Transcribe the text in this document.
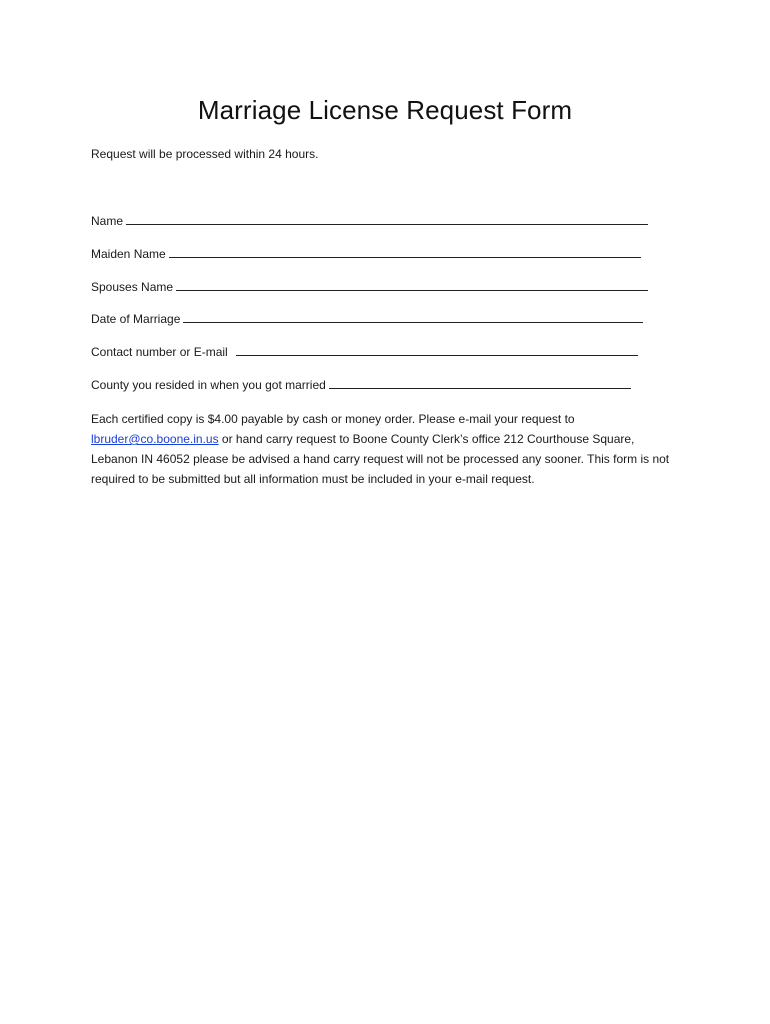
Marriage License Request Form

Request will be processed within 24 hours.

Name
Maiden Name
Spouses Name
Date of Marriage
Contact number or E-mail
County you resided in when you got married

Each certified copy is $4.00 payable by cash or money order. Please e-mail your request to lbruder@co.boone.in.us or hand carry request to Boone County Clerk’s office 212 Courthouse Square, Lebanon IN 46052 please be advised a hand carry request will not be processed any sooner. This form is not required to be submitted but all information must be included in your e-mail request.
